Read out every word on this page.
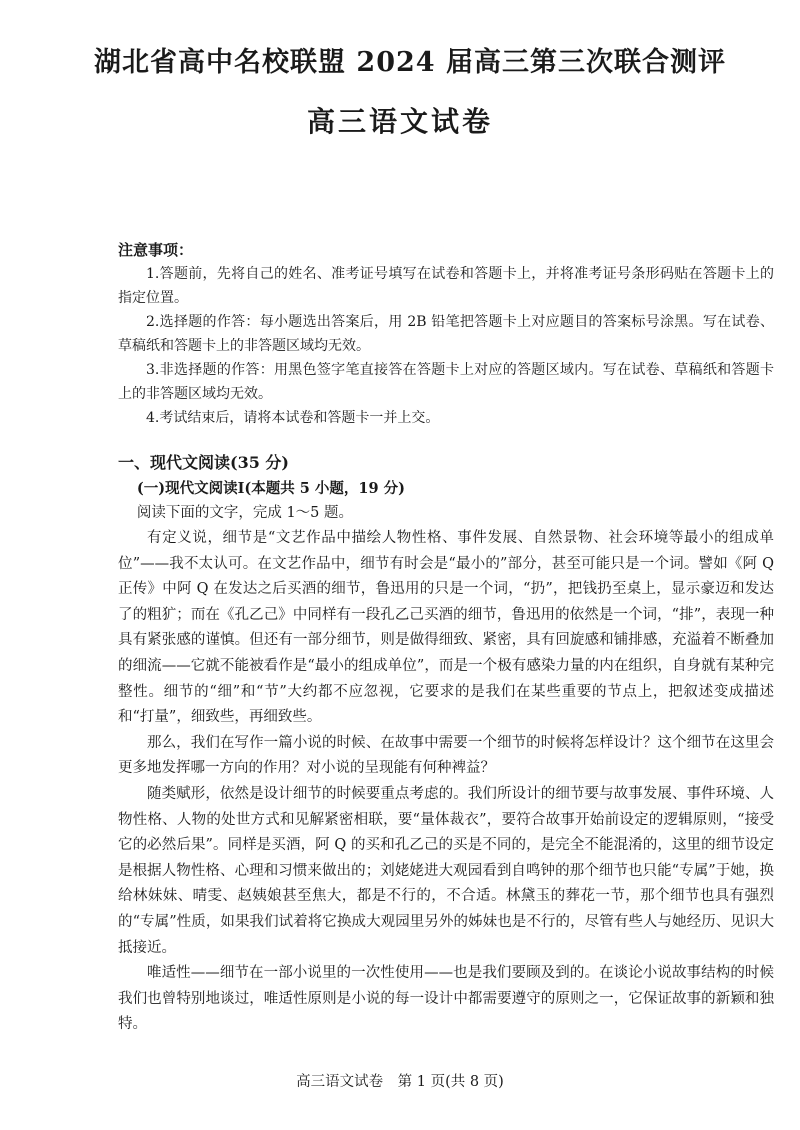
湖北省高中名校联盟 2024 届高三第三次联合测评
高三语文试卷
注意事项：

1.答题前，先将自己的姓名、准考证号填写在试卷和答题卡上，并将准考证号条形码贴在答题卡上的指定位置。

2.选择题的作答：每小题选出答案后，用 2B 铅笔把答题卡上对应题目的答案标号涂黑。写在试卷、草稿纸和答题卡上的非答题区域均无效。

3.非选择题的作答：用黑色签字笔直接答在答题卡上对应的答题区域内。写在试卷、草稿纸和答题卡上的非答题区域均无效。

4.考试结束后，请将本试卷和答题卡一并上交。

一、现代文阅读(35 分)
(一)现代文阅读Ⅰ(本题共 5 小题，19 分)
阅读下面的文字，完成 1～5 题。

有定义说，细节是“文艺作品中描绘人物性格、事件发展、自然景物、社会环境等最小的组成单位”——我不太认可。在文艺作品中，细节有时会是“最小的”部分，甚至可能只是一个词。譬如《阿 Q 正传》中阿 Q 在发达之后买酒的细节，鲁迅用的只是一个词，“扔”，把钱扔至桌上，显示豪迈和发达了的粗犷；而在《孔乙己》中同样有一段孔乙己买酒的细节，鲁迅用的依然是一个词，“排”，表现一种具有紧张感的谨慎。但还有一部分细节，则是做得细致、紧密，具有回旋感和铺排感，充溢着不断叠加的细流——它就不能被看作是“最小的组成单位”，而是一个极有感染力量的内在组织，自身就有某种完整性。细节的“细”和“节”大约都不应忽视，它要求的是我们在某些重要的节点上，把叙述变成描述和“打量”，细致些，再细致些。

那么，我们在写作一篇小说的时候、在故事中需要一个细节的时候将怎样设计？这个细节在这里会更多地发挥哪一方向的作用？对小说的呈现能有何种裨益？

随类赋形，依然是设计细节的时候要重点考虑的。我们所设计的细节要与故事发展、事件环境、人物性格、人物的处世方式和见解紧密相联，要“量体裁衣”，要符合故事开始前设定的逻辑原则，“接受它的必然后果”。同样是买酒，阿 Q 的买和孔乙己的买是不同的，是完全不能混淆的，这里的细节设定是根据人物性格、心理和习惯来做出的；刘姥姥进大观园看到自鸣钟的那个细节也只能“专属”于她，换给林妹妹、晴雯、赵姨娘甚至焦大，都是不行的，不合适。林黛玉的葬花一节，那个细节也具有强烈的“专属”性质，如果我们试着将它换成大观园里另外的姊妹也是不行的，尽管有些人与她经历、见识大抵接近。

唯适性——细节在一部小说里的一次性使用——也是我们要顾及到的。在谈论小说故事结构的时候我们也曾特别地谈过，唯适性原则是小说的每一设计中都需要遵守的原则之一，它保证故事的新颖和独特。

高三语文试卷　第 1 页(共 8 页)
